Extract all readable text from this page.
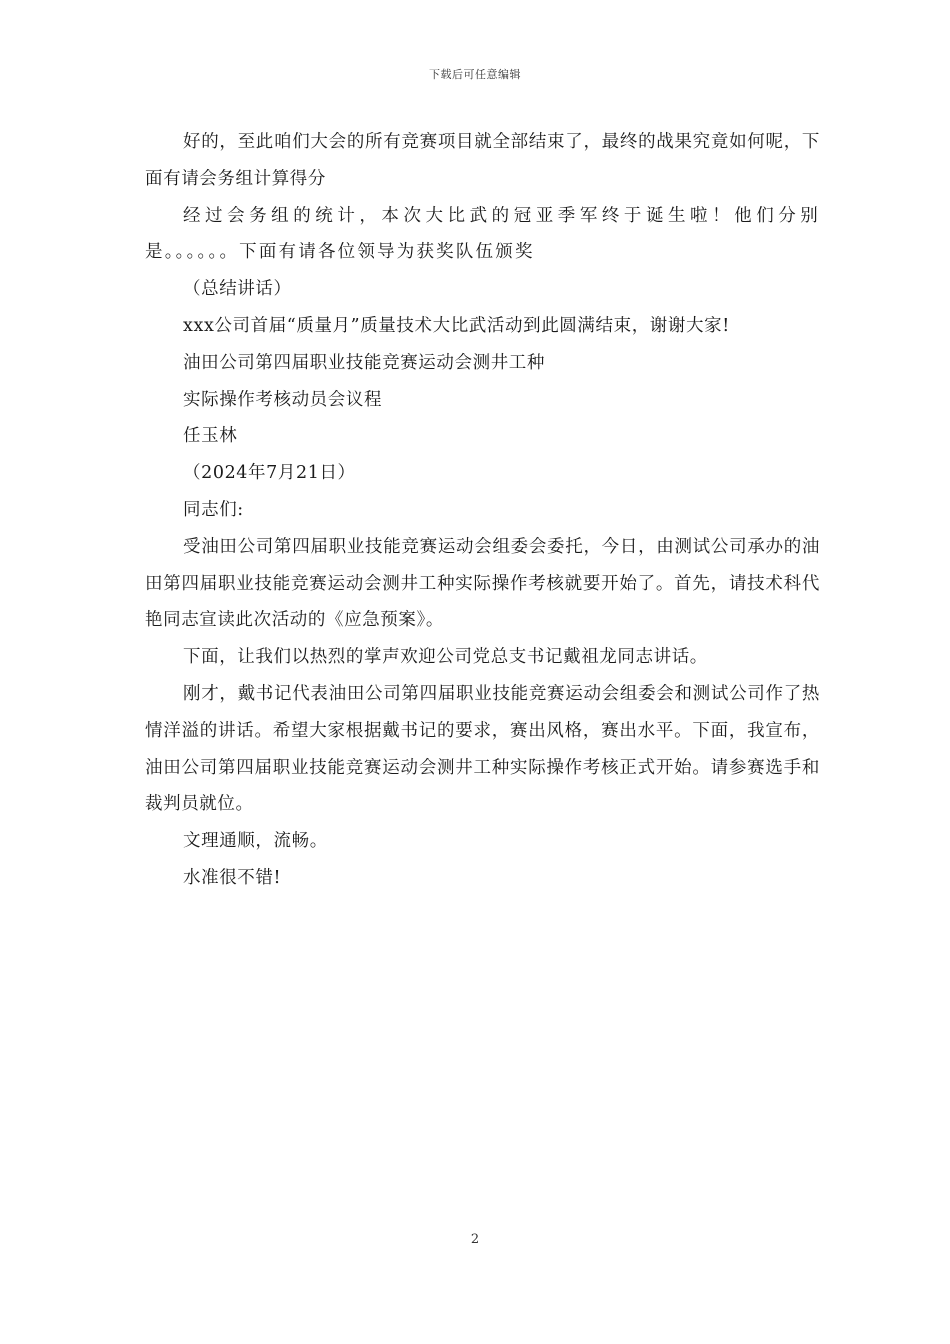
下载后可任意编辑

好的，至此咱们大会的所有竞赛项目就全部结束了，最终的战果究竟如何呢，下面有请会务组计算得分

经过会务组的统计，本次大比武的冠亚季军终于诞生啦！他们分别是。。。。。。下面有请各位领导为获奖队伍颁奖

（总结讲话）

xxx公司首届“质量月”质量技术大比武活动到此圆满结束，谢谢大家!

油田公司第四届职业技能竞赛运动会测井工种

实际操作考核动员会议程

任玉林

（2024年7月21日）

同志们:

受油田公司第四届职业技能竞赛运动会组委会委托，今日，由测试公司承办的油田第四届职业技能竞赛运动会测井工种实际操作考核就要开始了。首先，请技术科代艳同志宣读此次活动的《应急预案》。

下面，让我们以热烈的掌声欢迎公司党总支书记戴祖龙同志讲话。

刚才，戴书记代表油田公司第四届职业技能竞赛运动会组委会和测试公司作了热情洋溢的讲话。希望大家根据戴书记的要求，赛出风格，赛出水平。下面，我宣布，油田公司第四届职业技能竞赛运动会测井工种实际操作考核正式开始。请参赛选手和裁判员就位。

文理通顺，流畅。

水准很不错!

2
